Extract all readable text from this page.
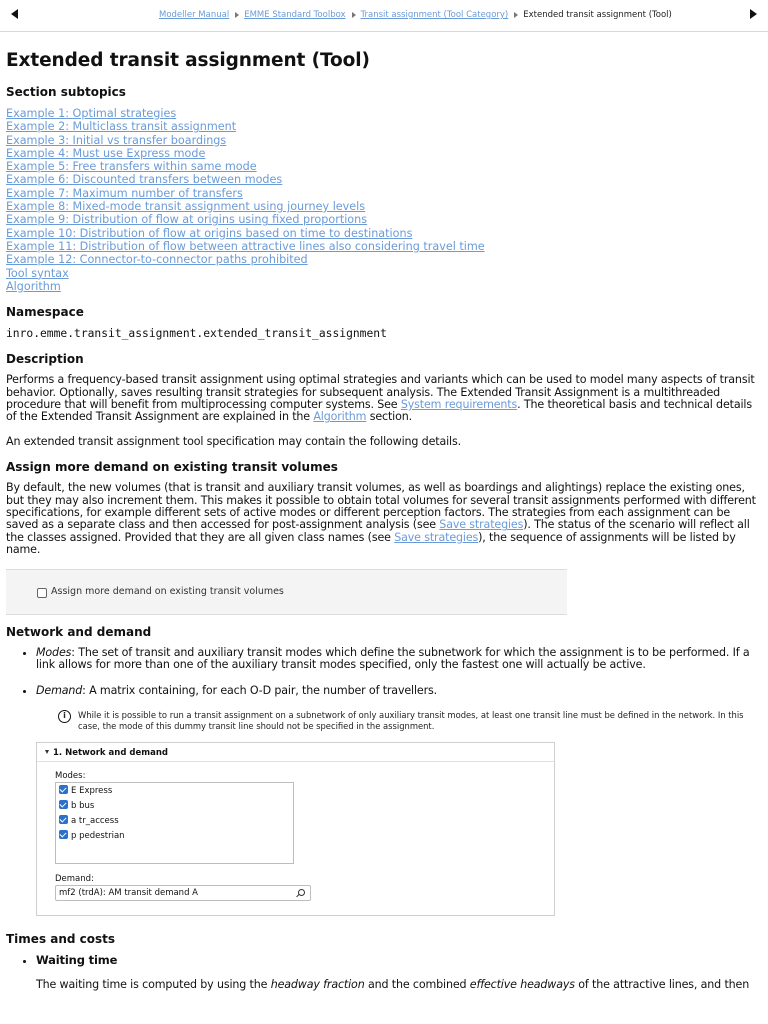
Modeller Manual EMME Standard Toolbox Transit assignment (Tool Category) Extended transit assignment (Tool)
Extended transit assignment (Tool)
Section subtopics
Example 1: Optimal strategies
Example 2: Multiclass transit assignment
Example 3: Initial vs transfer boardings
Example 4: Must use Express mode
Example 5: Free transfers within same mode
Example 6: Discounted transfers between modes
Example 7: Maximum number of transfers
Example 8: Mixed-mode transit assignment using journey levels
Example 9: Distribution of flow at origins using fixed proportions
Example 10: Distribution of flow at origins based on time to destinations
Example 11: Distribution of flow between attractive lines also considering travel time
Example 12: Connector-to-connector paths prohibited
Tool syntax
Algorithm
Namespace
inro.emme.transit_assignment.extended_transit_assignment
Description

Performs a frequency-based transit assignment using optimal strategies and variants which can be used to model many aspects of transit behavior. Optionally, saves resulting transit strategies for subsequent analysis. The Extended Transit Assignment is a multithreaded procedure that will benefit from multiprocessing computer systems. See System requirements. The theoretical basis and technical details of the Extended Transit Assignment are explained in the Algorithm section.

An extended transit assignment tool specification may contain the following details.

Assign more demand on existing transit volumes

By default, the new volumes (that is transit and auxiliary transit volumes, as well as boardings and alightings) replace the existing ones, but they may also increment them. This makes it possible to obtain total volumes for several transit assignments performed with different specifications, for example different sets of active modes or different perception factors. The strategies from each assignment can be saved as a separate class and then accessed for post-assignment analysis (see Save strategies). The status of the scenario will reflect all the classes assigned. Provided that they are all given class names (see Save strategies), the sequence of assignments will be listed by name.

Assign more demand on existing transit volumes
Network and demand
• Modes: The set of transit and auxiliary transit modes which define the subnetwork for which the assignment is to be performed. If a link allows for more than one of the auxiliary transit modes specified, only the fastest one will actually be active.
• Demand: A matrix containing, for each O-D pair, the number of travellers.
i	While it is possible to run a transit assignment on a subnetwork of only auxiliary transit modes, at least one transit line must be defined in the network. In this case, the mode of this dummy transit line should not be specified in the assignment.
1. Network and demand
Modes:
E Express
b bus
a tr_access
p pedestrian
Demand:
mf2 (trdA): AM transit demand A
Times and costs
• Waiting time
The waiting time is computed by using the headway fraction and the combined effective headways of the attractive lines, and then
